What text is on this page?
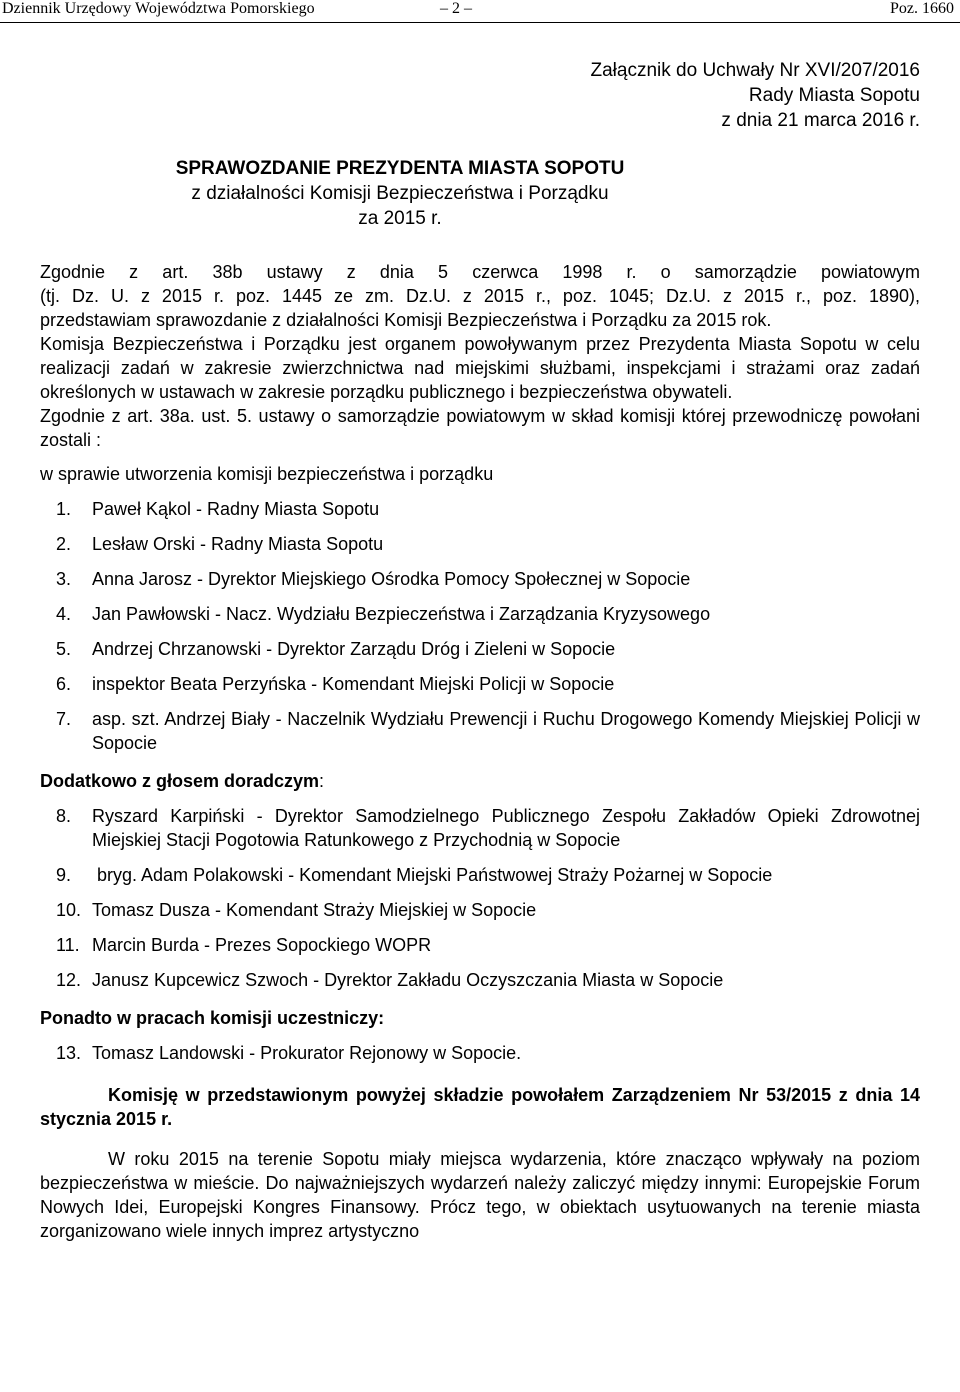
Dziennik Urzędowy Województwa Pomorskiego	– 2 –	Poz. 1660
Załącznik do Uchwały Nr XVI/207/2016
Rady Miasta Sopotu
z dnia 21 marca 2016 r.
SPRAWOZDANIE PREZYDENTA MIASTA SOPOTU
z działalności Komisji Bezpieczeństwa i Porządku
za 2015 r.

Zgodnie z art. 38b ustawy z dnia 5 czerwca 1998 r. o samorządzie powiatowym

(tj. Dz. U. z 2015 r. poz. 1445 ze zm. Dz.U. z 2015 r., poz. 1045; Dz.U. z 2015 r., poz. 1890),

przedstawiam sprawozdanie z działalności Komisji Bezpieczeństwa i Porządku za 2015 rok.

Komisja Bezpieczeństwa i Porządku jest organem powoływanym przez Prezydenta Miasta Sopotu w celu realizacji zadań w zakresie zwierzchnictwa nad miejskimi służbami, inspekcjami i strażami oraz zadań określonych w ustawach w zakresie porządku publicznego i bezpieczeństwa obywateli.

Zgodnie z art. 38a. ust. 5. ustawy o samorządzie powiatowym w skład komisji której przewodniczę powołani zostali :

w sprawie utworzenia komisji bezpieczeństwa i porządku

1.	Paweł Kąkol - Radny Miasta Sopotu
2.	Lesław Orski - Radny Miasta Sopotu
3.	Anna Jarosz - Dyrektor Miejskiego Ośrodka Pomocy Społecznej w Sopocie
4.	Jan Pawłowski - Nacz. Wydziału Bezpieczeństwa i Zarządzania Kryzysowego
5.	Andrzej Chrzanowski - Dyrektor Zarządu Dróg i Zieleni w Sopocie
6.	inspektor Beata Perzyńska - Komendant Miejski Policji w Sopocie
7.	asp. szt. Andrzej Biały - Naczelnik Wydziału Prewencji i Ruchu Drogowego Komendy Miejskiej Policji w Sopocie

Dodatkowo z głosem doradczym:

8.	Ryszard Karpiński - Dyrektor Samodzielnego Publicznego Zespołu Zakładów Opieki Zdrowotnej Miejskiej Stacji Pogotowia Ratunkowego z Przychodnią w Sopocie
9.	bryg. Adam Polakowski - Komendant Miejski Państwowej Straży Pożarnej w Sopocie
10. Tomasz Dusza - Komendant Straży Miejskiej w Sopocie
11. Marcin Burda - Prezes Sopockiego WOPR
12. Janusz Kupcewicz Szwoch - Dyrektor Zakładu Oczyszczania Miasta w Sopocie

Ponadto w pracach komisji uczestniczy:

13. Tomasz Landowski - Prokurator Rejonowy w Sopocie.

Komisję w przedstawionym powyżej składzie powołałem Zarządzeniem Nr 53/2015 z dnia 14 stycznia 2015 r.

W roku 2015 na terenie Sopotu miały miejsca wydarzenia, które znacząco wpływały na poziom bezpieczeństwa w mieście. Do najważniejszych wydarzeń należy zaliczyć między innymi: Europejskie Forum Nowych Idei, Europejski Kongres Finansowy. Prócz tego, w obiektach usytuowanych na terenie miasta zorganizowano wiele innych imprez artystyczno
